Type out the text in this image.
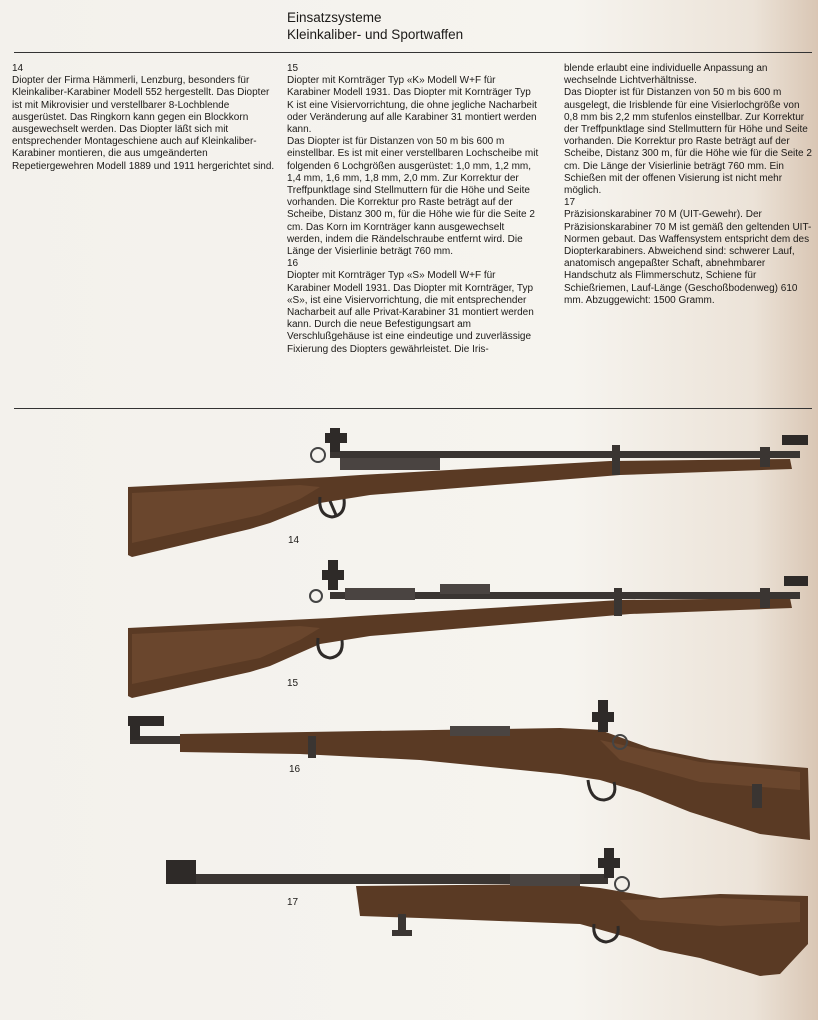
Einsatzsysteme
Kleinkaliber- und Sportwaffen
14
Diopter der Firma Hämmerli, Lenzburg, besonders für Kleinkaliber-Karabiner Modell 552 hergestellt. Das Diopter ist mit Mikrovisier und verstellbarer 8-Lochblende ausgerüstet. Das Ringkorn kann gegen ein Blockkorn ausgewechselt werden. Das Diopter läßt sich mit entsprechender Montageschiene auch auf Kleinkaliber-Karabiner montieren, die aus umgeänderten Repetiergewehren Modell 1889 und 1911 hergerichtet sind.
15
Diopter mit Kornträger Typ «K» Modell W+F für Karabiner Modell 1931. Das Diopter mit Kornträger Typ K ist eine Visiervorrichtung, die ohne jegliche Nacharbeit oder Veränderung auf alle Karabiner 31 montiert werden kann.
Das Diopter ist für Distanzen von 50 m bis 600 m einstellbar. Es ist mit einer verstellbaren Lochscheibe mit folgenden 6 Lochgrößen ausgerüstet: 1,0 mm, 1,2 mm, 1,4 mm, 1,6 mm, 1,8 mm, 2,0 mm. Zur Korrektur der Treffpunktlage sind Stellmuttern für die Höhe und Seite vorhanden. Die Korrektur pro Raste beträgt auf der Scheibe, Distanz 300 m, für die Höhe wie für die Seite 2 cm. Das Korn im Kornträger kann ausgewechselt werden, indem die Rändelschraube entfernt wird. Die Länge der Visierlinie beträgt 760 mm.
16
Diopter mit Kornträger Typ «S» Modell W+F für Karabiner Modell 1931. Das Diopter mit Kornträger, Typ «S», ist eine Visiervorrichtung, die mit entsprechender Nacharbeit auf alle Privat-Karabiner 31 montiert werden kann. Durch die neue Befestigungsart am Verschlußgehäuse ist eine eindeutige und zuverlässige Fixierung des Diopters gewährleistet. Die Iris-
blende erlaubt eine individuelle Anpassung an wechselnde Lichtverhältnisse.
Das Diopter ist für Distanzen von 50 m bis 600 m ausgelegt, die Irisblende für eine Visierlochgröße von 0,8 mm bis 2,2 mm stufenlos einstellbar. Zur Korrektur der Treffpunktlage sind Stellmuttern für Höhe und Seite vorhanden. Die Korrektur pro Raste beträgt auf der Scheibe, Distanz 300 m, für die Höhe wie für die Seite 2 cm. Die Länge der Visierlinie beträgt 760 mm. Ein Schießen mit der offenen Visierung ist nicht mehr möglich.
17
Präzisionskarabiner 70 M (UIT-Gewehr). Der Präzisionskarabiner 70 M ist gemäß den geltenden UIT-Normen gebaut. Das Waffensystem entspricht dem des Diopterkarabiners. Abweichend sind: schwerer Lauf, anatomisch angepaßter Schaft, abnehmbarer Handschutz als Flimmerschutz, Schiene für Schießriemen, Lauf-Länge (Geschoßbodenweg) 610 mm. Abzuggewicht: 1500 Gramm.
14
15
16
17
